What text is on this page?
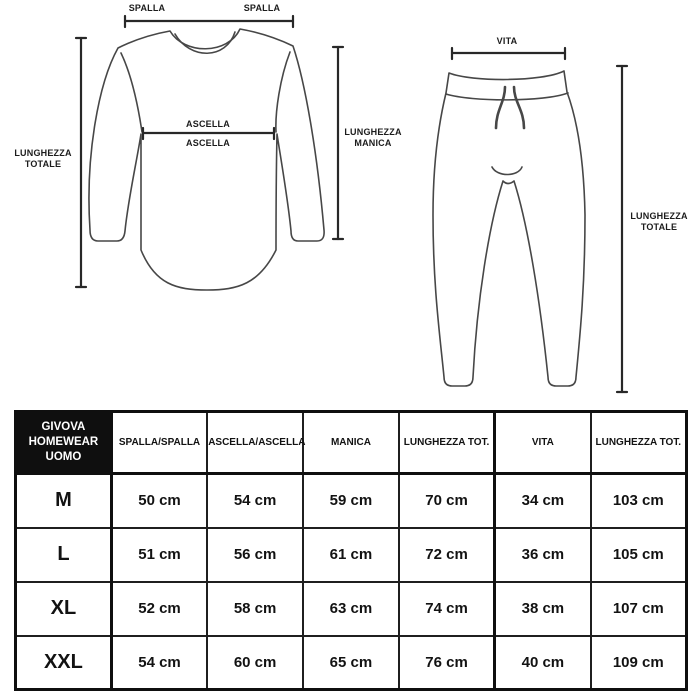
SPALLA	SPALLA
LUNGHEZZA TOTALE
ASCELLA
ASCELLA
LUNGHEZZA MANICA
VITA
LUNGHEZZA TOTALE
GIVOVA HOMEWEAR UOMO	SPALLA/SPALLA	ASCELLA/ASCELLA	MANICA	LUNGHEZZA TOT.	VITA	LUNGHEZZA TOT.
M	50 cm	54 cm	59 cm	70 cm	34 cm	103 cm
L	51 cm	56 cm	61 cm	72 cm	36 cm	105 cm
XL	52 cm	58 cm	63 cm	74 cm	38 cm	107 cm
XXL	54 cm	60 cm	65 cm	76 cm	40 cm	109 cm
